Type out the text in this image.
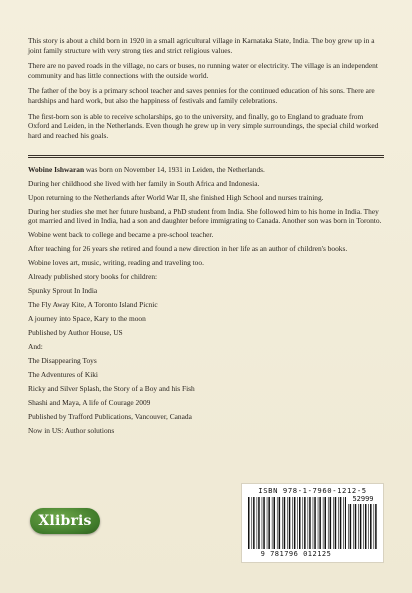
This story is about a child born in 1920 in a small agricultural village in Karnataka State, India. The boy grew up in a joint family structure with very strong ties and strict religious values.

There are no paved roads in the village, no cars or buses, no running water or electricity. The village is an independent community and has little connections with the outside world.

The father of the boy is a primary school teacher and saves pennies for the continued education of his sons. There are hardships and hard work, but also the happiness of festivals and family celebrations.

The first-born son is able to receive scholarships, go to the university, and finally, go to England to graduate from Oxford and Leiden, in the Netherlands. Even though he grew up in very simple surroundings, the special child worked hard and reached his goals.

Wobine Ishwaran was born on November 14, 1931 in Leiden, the Netherlands.

During her childhood she lived with her family in South Africa and Indonesia.

Upon returning to the Netherlands after World War II, she finished High School and nurses training.

During her studies she met her future husband, a PhD student from India. She followed him to his home in India. They got married and lived in India, had a son and daughter before immigrating to Canada. Another son was born in Toronto.

Wobine went back to college and became a pre-school teacher.

After teaching for 26 years she retired and found a new direction in her life as an author of children's books.

Wobine loves art, music, writing, reading and traveling too.

Already published story books for children:

Spunky Sprout In India

The Fly Away Kite, A Toronto Island Picnic

A journey into Space, Kary to the moon

Published by Author House, US

And:

The Disappearing Toys

The Adventures of Kiki

Ricky and Silver Splash, the Story of a Boy and his Fish

Shashi and Maya, A life of Courage 2009

Published by Trafford Publications, Vancouver, Canada

Now in US: Author solutions

Xlibris
ISBN 978-1-7960-1212-5
52999
9 781796 012125
